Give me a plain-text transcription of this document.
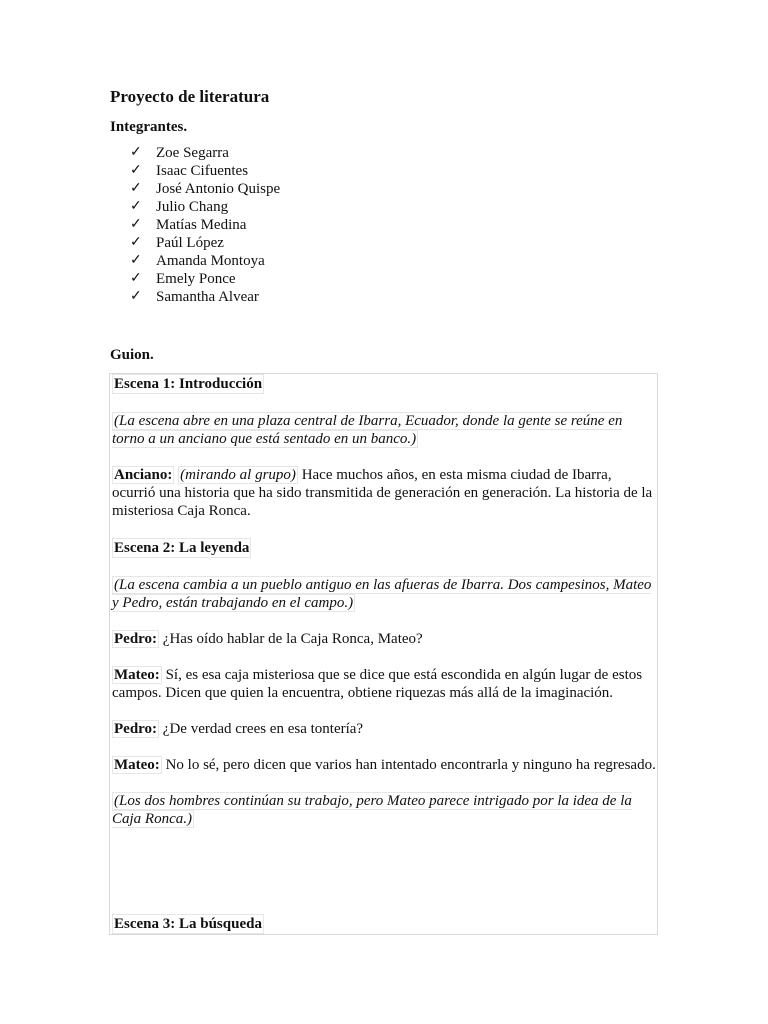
Proyecto de literatura

Integrantes.

✓ Zoe Segarra
✓ Isaac Cifuentes
✓ José Antonio Quispe
✓ Julio Chang
✓ Matías Medina
✓ Paúl López
✓ Amanda Montoya
✓ Emely Ponce
✓ Samantha Alvear

Guion.

Escena 1: Introducción

(La escena abre en una plaza central de Ibarra, Ecuador, donde la gente se reúne en torno a un anciano que está sentado en un banco.)

Anciano: (mirando al grupo) Hace muchos años, en esta misma ciudad de Ibarra, ocurrió una historia que ha sido transmitida de generación en generación. La historia de la misteriosa Caja Ronca.

Escena 2: La leyenda

(La escena cambia a un pueblo antiguo en las afueras de Ibarra. Dos campesinos, Mateo y Pedro, están trabajando en el campo.)

Pedro: ¿Has oído hablar de la Caja Ronca, Mateo?

Mateo: Sí, es esa caja misteriosa que se dice que está escondida en algún lugar de estos campos. Dicen que quien la encuentra, obtiene riquezas más allá de la imaginación.

Pedro: ¿De verdad crees en esa tontería?

Mateo: No lo sé, pero dicen que varios han intentado encontrarla y ninguno ha regresado.

(Los dos hombres continúan su trabajo, pero Mateo parece intrigado por la idea de la Caja Ronca.)

Escena 3: La búsqueda
